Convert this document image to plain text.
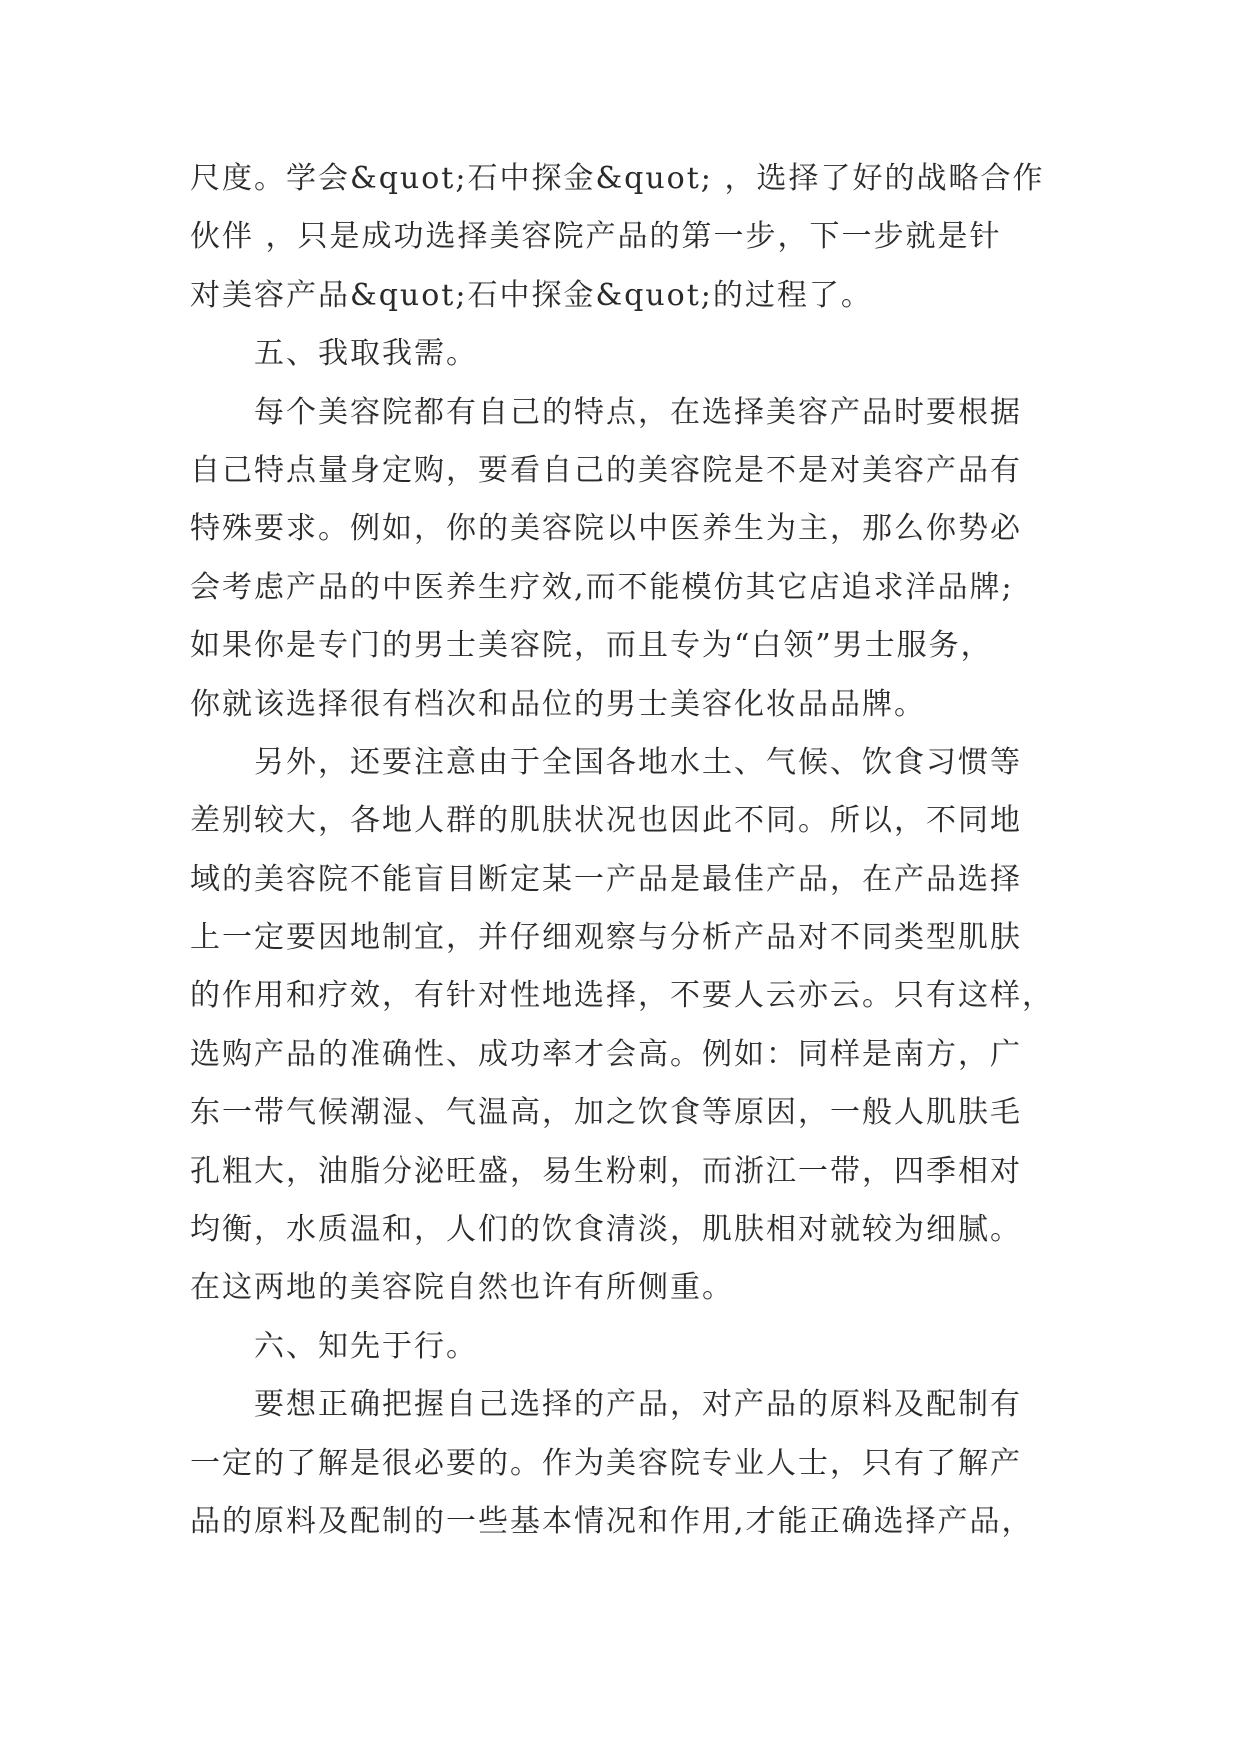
尺度。学会&quot;石中探金&quot; ，选择了好的战略合作
伙伴 ，只是成功选择美容院产品的第一步，下一步就是针
对美容产品&quot;石中探金&quot;的过程了。
五、我取我需。
每个美容院都有自己的特点，在选择美容产品时要根据
自己特点量身定购，要看自己的美容院是不是对美容产品有
特殊要求。例如，你的美容院以中医养生为主，那么你势必
会考虑产品的中医养生疗效,而不能模仿其它店追求洋品牌;
如果你是专门的男士美容院，而且专为“白领”男士服务，
你就该选择很有档次和品位的男士美容化妆品品牌。
另外，还要注意由于全国各地水土、气候、饮食习惯等
差别较大，各地人群的肌肤状况也因此不同。所以，不同地
域的美容院不能盲目断定某一产品是最佳产品，在产品选择
上一定要因地制宜，并仔细观察与分析产品对不同类型肌肤
的作用和疗效，有针对性地选择，不要人云亦云。只有这样，
选购产品的准确性、成功率才会高。例如：同样是南方，广
东一带气候潮湿、气温高，加之饮食等原因，一般人肌肤毛
孔粗大，油脂分泌旺盛，易生粉刺，而浙江一带，四季相对
均衡，水质温和，人们的饮食清淡，肌肤相对就较为细腻。
在这两地的美容院自然也许有所侧重。
六、知先于行。
要想正确把握自己选择的产品，对产品的原料及配制有
一定的了解是很必要的。作为美容院专业人士，只有了解产
品的原料及配制的一些基本情况和作用,才能正确选择产品，
